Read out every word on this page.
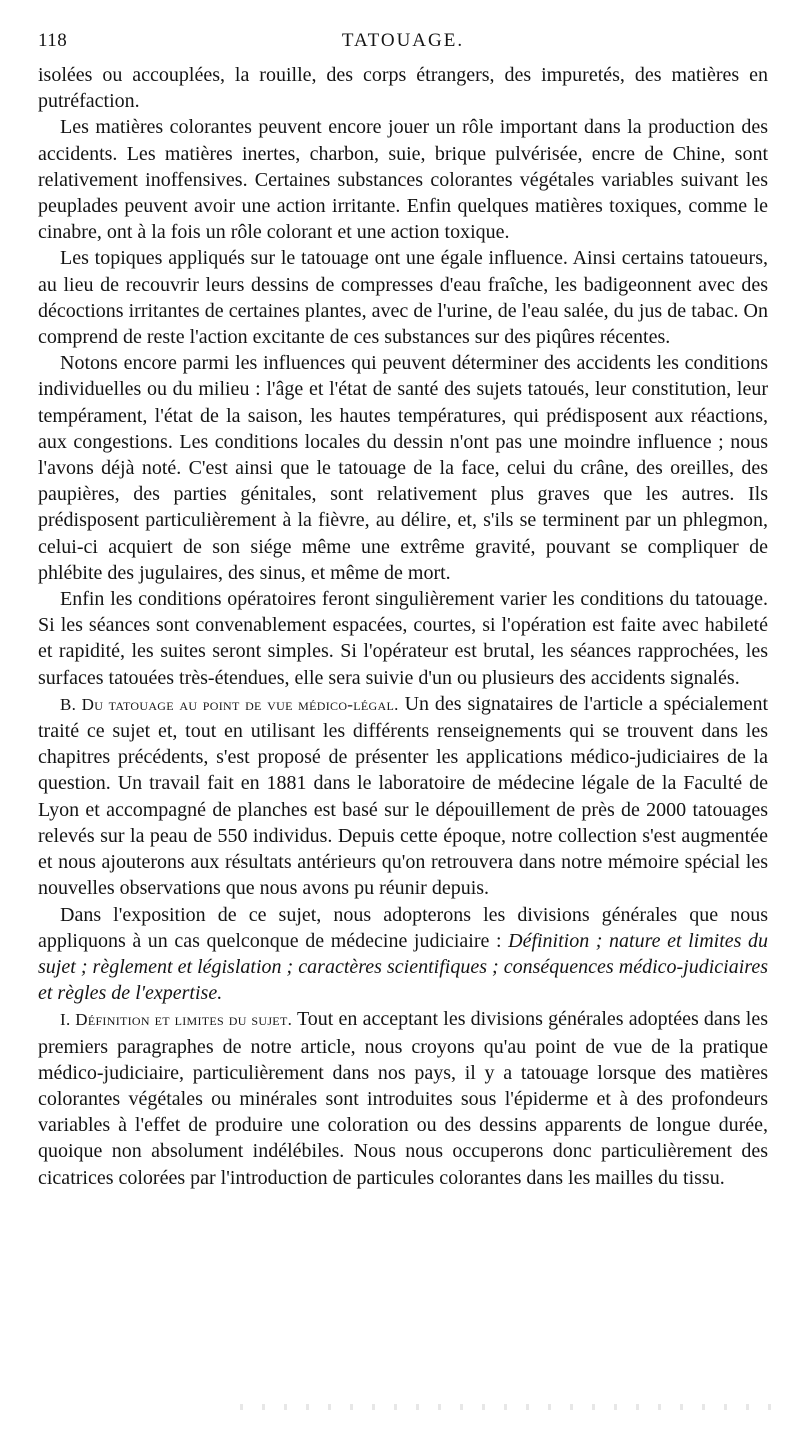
118	TATOUAGE.

isolées ou accouplées, la rouille, des corps étrangers, des impuretés, des matières en putréfaction.

Les matières colorantes peuvent encore jouer un rôle important dans la production des accidents. Les matières inertes, charbon, suie, brique pulvérisée, encre de Chine, sont relativement inoffensives. Certaines substances colorantes végétales variables suivant les peuplades peuvent avoir une action irritante. Enfin quelques matières toxiques, comme le cinabre, ont à la fois un rôle colorant et une action toxique.

Les topiques appliqués sur le tatouage ont une égale influence. Ainsi certains tatoueurs, au lieu de recouvrir leurs dessins de compresses d'eau fraîche, les badigeonnent avec des décoctions irritantes de certaines plantes, avec de l'urine, de l'eau salée, du jus de tabac. On comprend de reste l'action excitante de ces substances sur des piqûres récentes.

Notons encore parmi les influences qui peuvent déterminer des accidents les conditions individuelles ou du milieu : l'âge et l'état de santé des sujets tatoués, leur constitution, leur tempérament, l'état de la saison, les hautes températures, qui prédisposent aux réactions, aux congestions. Les conditions locales du dessin n'ont pas une moindre influence ; nous l'avons déjà noté. C'est ainsi que le tatouage de la face, celui du crâne, des oreilles, des paupières, des parties génitales, sont relativement plus graves que les autres. Ils prédisposent particulièrement à la fièvre, au délire, et, s'ils se terminent par un phlegmon, celui-ci acquiert de son siége même une extrême gravité, pouvant se compliquer de phlébite des jugulaires, des sinus, et même de mort.

Enfin les conditions opératoires feront singulièrement varier les conditions du tatouage. Si les séances sont convenablement espacées, courtes, si l'opération est faite avec habileté et rapidité, les suites seront simples. Si l'opérateur est brutal, les séances rapprochées, les surfaces tatouées très-étendues, elle sera suivie d'un ou plusieurs des accidents signalés.

B. Du tatouage au point de vue médico-légal. Un des signataires de l'article a spécialement traité ce sujet et, tout en utilisant les différents renseignements qui se trouvent dans les chapitres précédents, s'est proposé de présenter les applications médico-judiciaires de la question. Un travail fait en 1881 dans le laboratoire de médecine légale de la Faculté de Lyon et accompagné de planches est basé sur le dépouillement de près de 2000 tatouages relevés sur la peau de 550 individus. Depuis cette époque, notre collection s'est augmentée et nous ajouterons aux résultats antérieurs qu'on retrouvera dans notre mémoire spécial les nouvelles observations que nous avons pu réunir depuis.

Dans l'exposition de ce sujet, nous adopterons les divisions générales que nous appliquons à un cas quelconque de médecine judiciaire : Définition ; nature et limites du sujet ; règlement et législation ; caractères scientifiques ; conséquences médico-judiciaires et règles de l'expertise.

I. Définition et limites du sujet. Tout en acceptant les divisions générales adoptées dans les premiers paragraphes de notre article, nous croyons qu'au point de vue de la pratique médico-judiciaire, particulièrement dans nos pays, il y a tatouage lorsque des matières colorantes végétales ou minérales sont introduites sous l'épiderme et à des profondeurs variables à l'effet de produire une coloration ou des dessins apparents de longue durée, quoique non absolument indélébiles. Nous nous occuperons donc particulièrement des cicatrices colorées par l'introduction de particules colorantes dans les mailles du tissu.
